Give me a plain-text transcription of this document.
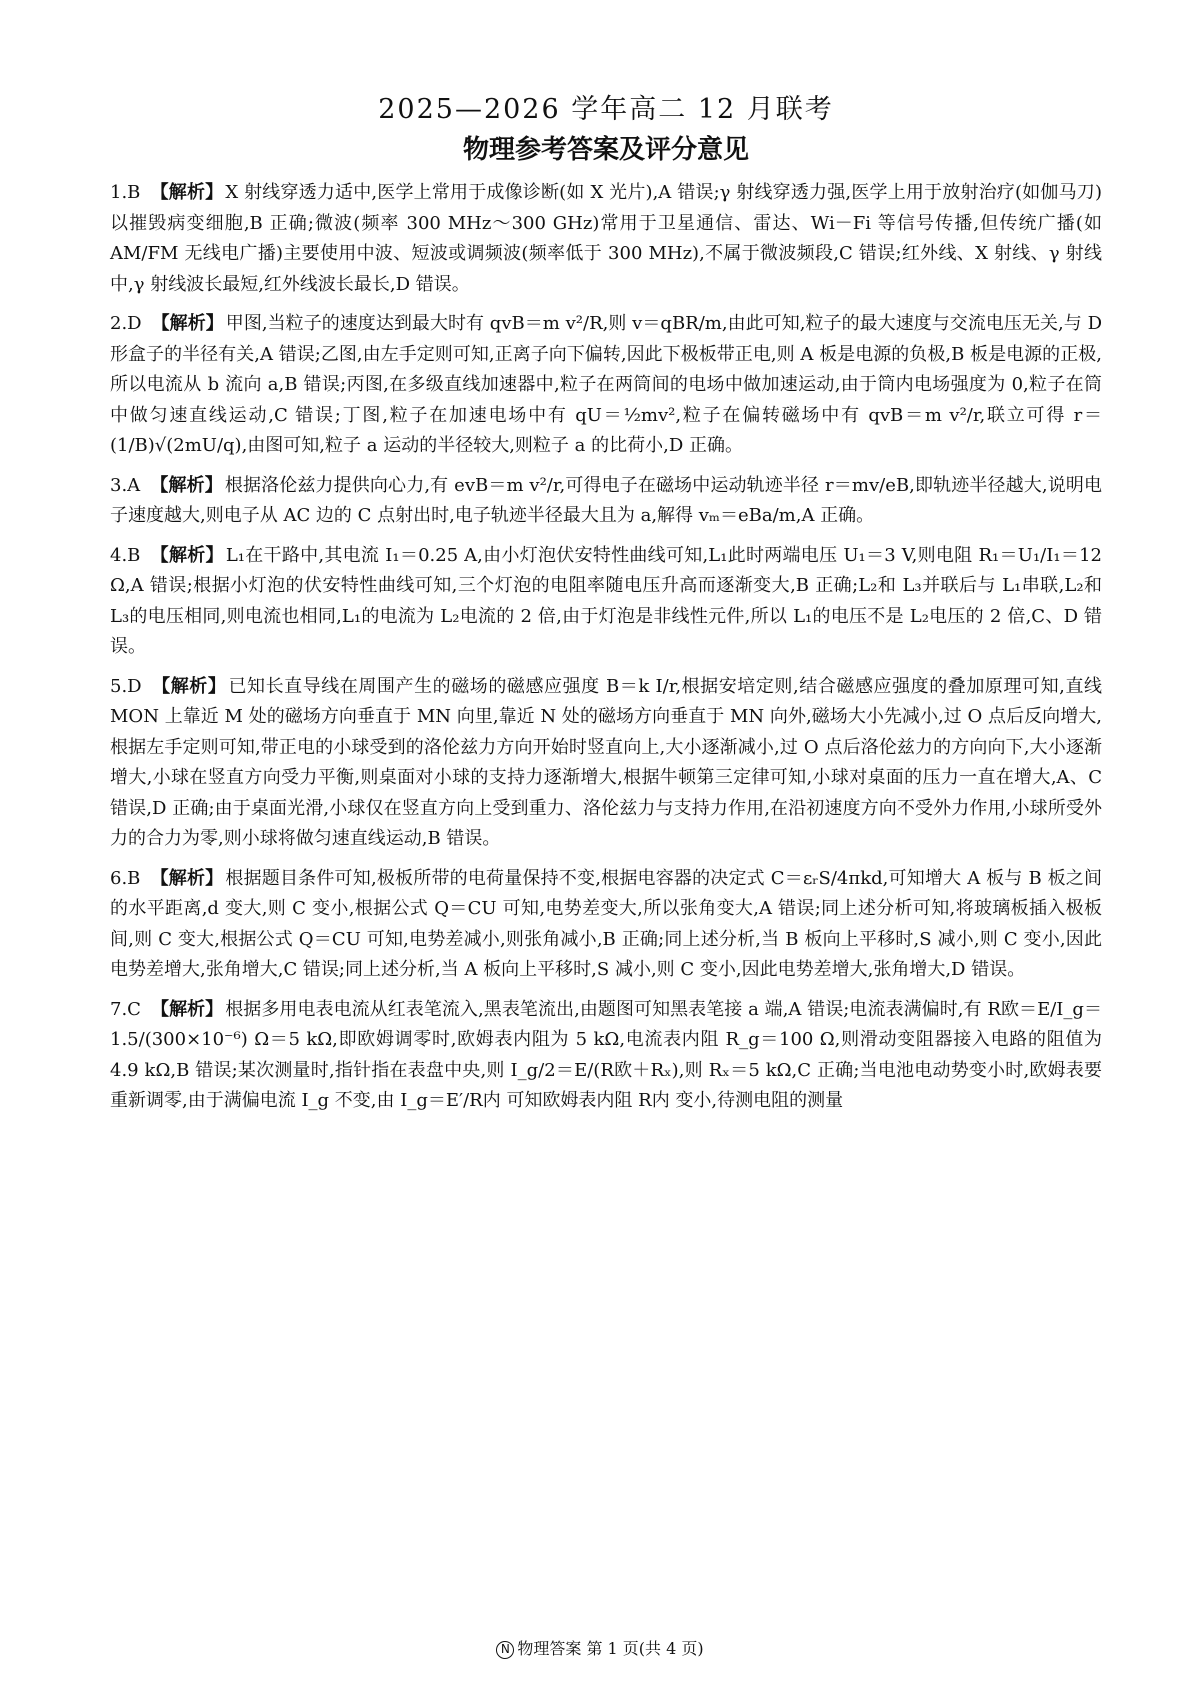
2025—2026 学年高二 12 月联考
物理参考答案及评分意见

1.B 【解析】 X 射线穿透力适中,医学上常用于成像诊断(如 X 光片),A 错误;γ 射线穿透力强,医学上用于放射治疗(如伽马刀)以摧毁病变细胞,B 正确;微波(频率 300 MHz～300 GHz)常用于卫星通信、雷达、Wi－Fi 等信号传播,但传统广播(如 AM/FM 无线电广播)主要使用中波、短波或调频波(频率低于 300 MHz),不属于微波频段,C 错误;红外线、X 射线、γ 射线中,γ 射线波长最短,红外线波长最长,D 错误。

2.D 【解析】 甲图,当粒子的速度达到最大时有 qvB＝m v²/R,则 v＝qBR/m,由此可知,粒子的最大速度与交流电压无关,与 D 形盒子的半径有关,A 错误;乙图,由左手定则可知,正离子向下偏转,因此下极板带正电,则 A 板是电源的负极,B 板是电源的正极,所以电流从 b 流向 a,B 错误;丙图,在多级直线加速器中,粒子在两筒间的电场中做加速运动,由于筒内电场强度为 0,粒子在筒中做匀速直线运动,C 错误;丁图,粒子在加速电场中有 qU＝½mv²,粒子在偏转磁场中有 qvB＝m v²/r,联立可得 r＝(1/B)√(2mU/q),由图可知,粒子 a 运动的半径较大,则粒子 a 的比荷小,D 正确。

3.A 【解析】 根据洛伦兹力提供向心力,有 evB＝m v²/r,可得电子在磁场中运动轨迹半径 r＝mv/eB,即轨迹半径越大,说明电子速度越大,则电子从 AC 边的 C 点射出时,电子轨迹半径最大且为 a,解得 vₘ＝eBa/m,A 正确。

4.B 【解析】 L₁在干路中,其电流 I₁＝0.25 A,由小灯泡伏安特性曲线可知,L₁此时两端电压 U₁＝3 V,则电阻 R₁＝U₁/I₁＝12 Ω,A 错误;根据小灯泡的伏安特性曲线可知,三个灯泡的电阻率随电压升高而逐渐变大,B 正确;L₂和 L₃并联后与 L₁串联,L₂和 L₃的电压相同,则电流也相同,L₁的电流为 L₂电流的 2 倍,由于灯泡是非线性元件,所以 L₁的电压不是 L₂电压的 2 倍,C、D 错误。

5.D 【解析】 已知长直导线在周围产生的磁场的磁感应强度 B＝k I/r,根据安培定则,结合磁感应强度的叠加原理可知,直线 MON 上靠近 M 处的磁场方向垂直于 MN 向里,靠近 N 处的磁场方向垂直于 MN 向外,磁场大小先减小,过 O 点后反向增大,根据左手定则可知,带正电的小球受到的洛伦兹力方向开始时竖直向上,大小逐渐减小,过 O 点后洛伦兹力的方向向下,大小逐渐增大,小球在竖直方向受力平衡,则桌面对小球的支持力逐渐增大,根据牛顿第三定律可知,小球对桌面的压力一直在增大,A、C 错误,D 正确;由于桌面光滑,小球仅在竖直方向上受到重力、洛伦兹力与支持力作用,在沿初速度方向不受外力作用,小球所受外力的合力为零,则小球将做匀速直线运动,B 错误。

6.B 【解析】 根据题目条件可知,极板所带的电荷量保持不变,根据电容器的决定式 C＝εᵣS/4πkd,可知增大 A 板与 B 板之间的水平距离,d 变大,则 C 变小,根据公式 Q＝CU 可知,电势差变大,所以张角变大,A 错误;同上述分析可知,将玻璃板插入极板间,则 C 变大,根据公式 Q＝CU 可知,电势差减小,则张角减小,B 正确;同上述分析,当 B 板向上平移时,S 减小,则 C 变小,因此电势差增大,张角增大,C 错误;同上述分析,当 A 板向上平移时,S 减小,则 C 变小,因此电势差增大,张角增大,D 错误。

7.C 【解析】 根据多用电表电流从红表笔流入,黑表笔流出,由题图可知黑表笔接 a 端,A 错误;电流表满偏时,有 R欧＝E/I_g＝1.5/(300×10⁻⁶) Ω＝5 kΩ,即欧姆调零时,欧姆表内阻为 5 kΩ,电流表内阻 R_g＝100 Ω,则滑动变阻器接入电路的阻值为 4.9 kΩ,B 错误;某次测量时,指针指在表盘中央,则 I_g/2＝E/(R欧＋Rₓ),则 Rₓ＝5 kΩ,C 正确;当电池电动势变小时,欧姆表要重新调零,由于满偏电流 I_g 不变,由 I_g＝E′/R内 可知欧姆表内阻 R内 变小,待测电阻的测量

N 物理答案 第 1 页(共 4 页)
